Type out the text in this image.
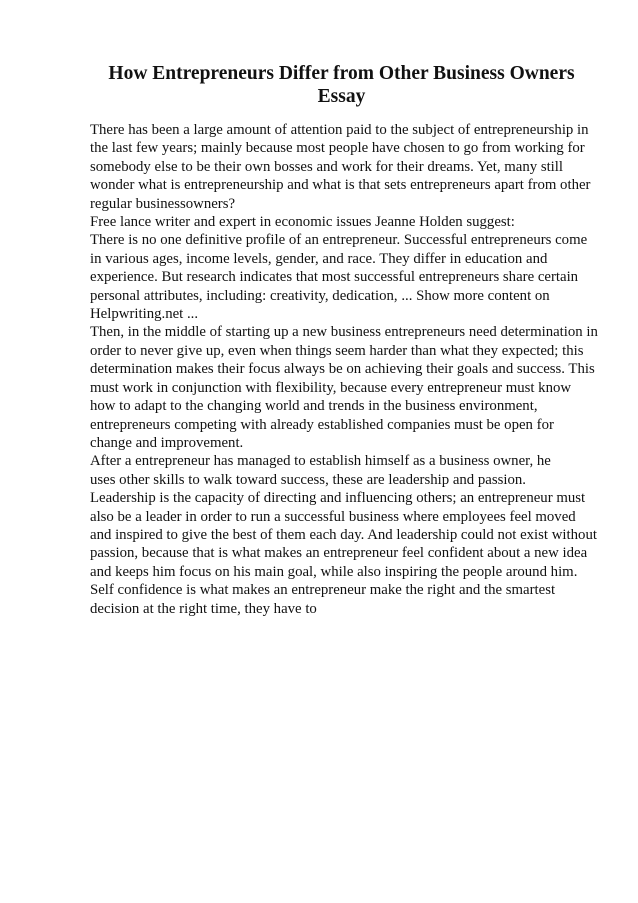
How Entrepreneurs Differ from Other Business Owners
Essay
There has been a large amount of attention paid to the subject of entrepreneurship in
the last few years; mainly because most people have chosen to go from working for
somebody else to be their own bosses and work for their dreams. Yet, many still
wonder what is entrepreneurship and what is that sets entrepreneurs apart from other
regular businessowners?
Free lance writer and expert in economic issues Jeanne Holden suggest:
There is no one definitive profile of an entrepreneur. Successful entrepreneurs come
in various ages, income levels, gender, and race. They differ in education and
experience. But research indicates that most successful entrepreneurs share certain
personal attributes, including: creativity, dedication, ... Show more content on
Helpwriting.net ...
Then, in the middle of starting up a new business entrepreneurs need determination in
order to never give up, even when things seem harder than what they expected; this
determination makes their focus always be on achieving their goals and success. This
must work in conjunction with flexibility, because every entrepreneur must know
how to adapt to the changing world and trends in the business environment,
entrepreneurs competing with already established companies must be open for
change and improvement.
After a entrepreneur has managed to establish himself as a business owner, he
uses other skills to walk toward success, these are leadership and passion.
Leadership is the capacity of directing and influencing others; an entrepreneur must
also be a leader in order to run a successful business where employees feel moved
and inspired to give the best of them each day. And leadership could not exist without
passion, because that is what makes an entrepreneur feel confident about a new idea
and keeps him focus on his main goal, while also inspiring the people around him.
Self confidence is what makes an entrepreneur make the right and the smartest
decision at the right time, they have to
